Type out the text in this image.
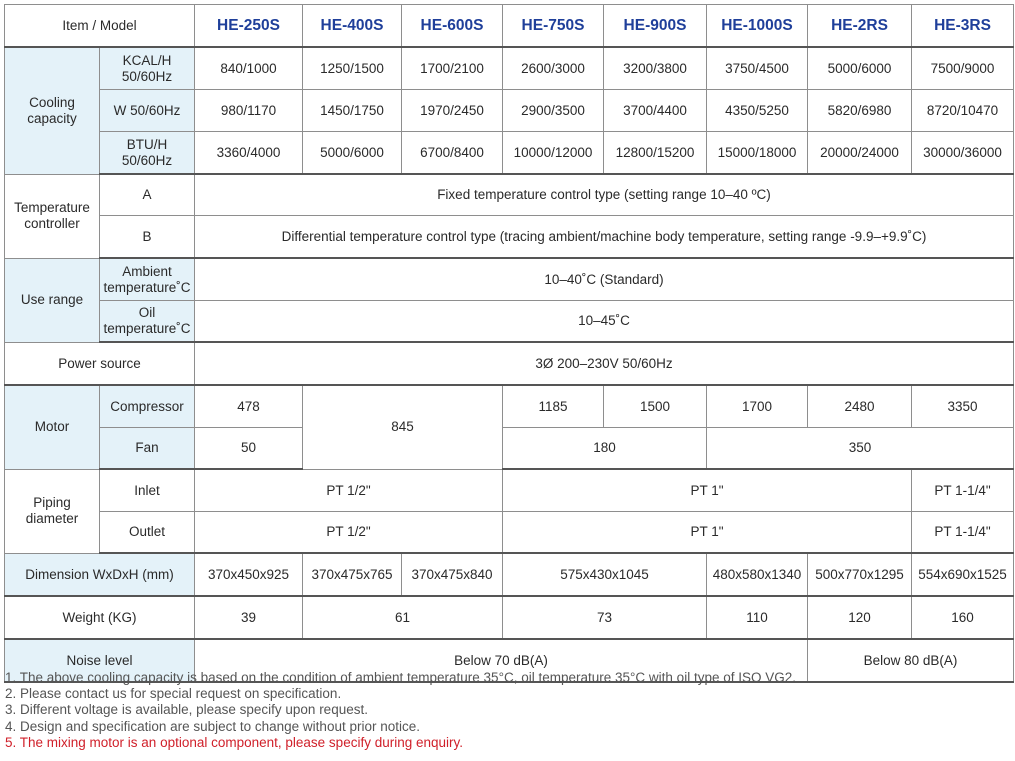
Item / Model		HE-250S	HE-400S	HE-600S	HE-750S	HE-900S	HE-1000S	HE-2RS	HE-3RS
Cooling capacity	KCAL/H 50/60Hz	840/1000	1250/1500	1700/2100	2600/3000	3200/3800	3750/4500	5000/6000	7500/9000
	W 50/60Hz	980/1170	1450/1750	1970/2450	2900/3500	3700/4400	4350/5250	5820/6980	8720/10470
	BTU/H 50/60Hz	3360/4000	5000/6000	6700/8400	10000/12000	12800/15200	15000/18000	20000/24000	30000/36000
Temperature controller	A	Fixed temperature control type (setting range 10–40 ºC)							
	B	Differential temperature control type (tracing ambient/machine body temperature, setting range -9.9–+9.9˚C)							
Use range	Ambient temperature˚C	10–40˚C (Standard)							
	Oil temperature˚C	10–45˚C							
Power source		3Ø 200–230V 50/60Hz							
Motor	Compressor	478	845		1185	1500	1700	2480	3350
	Fan	50			180		350		
Piping diameter	Inlet	PT 1/2"			PT 1"				PT 1-1/4"
	Outlet	PT 1/2"			PT 1"				PT 1-1/4"
Dimension WxDxH (mm)		370x450x925	370x475x765	370x475x840	575x430x1045		480x580x1340	500x770x1295	554x690x1525
Weight (KG)		39	61		73		110	120	160
Noise level		Below 70 dB(A)						Below 80 dB(A)	
1. The above cooling capacity is based on the condition of ambient temperature 35°C, oil temperature 35°C with oil type of ISO VG2.
2. Please contact us for special request on specification.
3. Different voltage is available, please specify upon request.
4. Design and specification are subject to change without prior notice.
5. The mixing motor is an optional component, please specify during enquiry.
